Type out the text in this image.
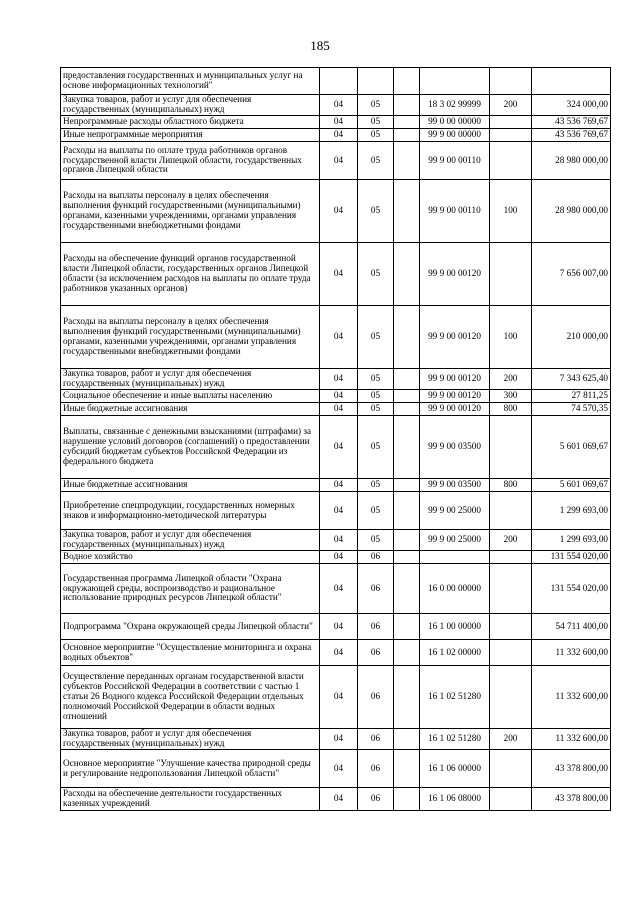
185
предоставления государственных и муниципальных услуг на основе информационных технологий"						
Закупка товаров, работ и услуг для обеспечения государственных (муниципальных) нужд	04	05		18 3 02 99999	200	324 000,00
Непрограммные расходы областного бюджета	04	05		99 0 00 00000		43 536 769,67
Иные непрограммные мероприятия	04	05		99 9 00 00000		43 536 769,67
Расходы на выплаты по оплате труда работников органов государственной власти Липецкой области, государственных органов Липецкой области	04	05		99 9 00 00110		28 980 000,00
Расходы на выплаты персоналу в целях обеспечения выполнения функций государственными (муниципальными) органами, казенными учреждениями, органами управления государственными внебюджетными фондами	04	05		99 9 00 00110	100	28 980 000,00
Расходы на обеспечение функций органов государственной власти Липецкой области, государственных органов Липецкой области (за исключением расходов на выплаты по оплате труда работников указанных органов)	04	05		99 9 00 00120		7 656 007,00
Расходы на выплаты персоналу в целях обеспечения выполнения функций государственными (муниципальными) органами, казенными учреждениями, органами управления государственными внебюджетными фондами	04	05		99 9 00 00120	100	210 000,00
Закупка товаров, работ и услуг для обеспечения государственных (муниципальных) нужд	04	05		99 9 00 00120	200	7 343 625,40
Социальное обеспечение и иные выплаты населению	04	05		99 9 00 00120	300	27 811,25
Иные бюджетные ассигнования	04	05		99 9 00 00120	800	74 570,35
Выплаты, связанные с денежными взысканиями (штрафами) за нарушение условий договоров (соглашений) о предоставлении субсидий бюджетам субъектов Российской Федерации из федерального бюджета	04	05		99 9 00 03500		5 601 069,67
Иные бюджетные ассигнования	04	05		99 9 00 03500	800	5 601 069,67
Приобретение спецпродукции, государственных номерных знаков и информационно-методической литературы	04	05		99 9 00 25000		1 299 693,00
Закупка товаров, работ и услуг для обеспечения государственных (муниципальных) нужд	04	05		99 9 00 25000	200	1 299 693,00
Водное хозяйство	04	06				131 554 020,00
Государственная программа Липецкой области "Охрана окружающей среды, воспроизводство и рациональное использование природных ресурсов Липецкой области"	04	06		16 0 00 00000		131 554 020,00
Подпрограмма "Охрана окружающей среды Липецкой области"	04	06		16 1 00 00000		54 711 400,00
Основное мероприятие "Осуществление мониторинга и охрана водных объектов"	04	06		16 1 02 00000		11 332 600,00
Осуществление переданных органам государственной власти субъектов Российской Федерации в соответствии с частью 1 статьи 26 Водного кодекса Российской Федерации отдельных полномочий Российской Федерации в области водных отношений	04	06		16 1 02 51280		11 332 600,00
Закупка товаров, работ и услуг для обеспечения государственных (муниципальных) нужд	04	06		16 1 02 51280	200	11 332 600,00
Основное мероприятие "Улучшение качества природной среды и регулирование недропользования Липецкой области"	04	06		16 1 06 00000		43 378 800,00
Расходы на обеспечение деятельности государственных казенных учреждений	04	06		16 1 06 08000		43 378 800,00
